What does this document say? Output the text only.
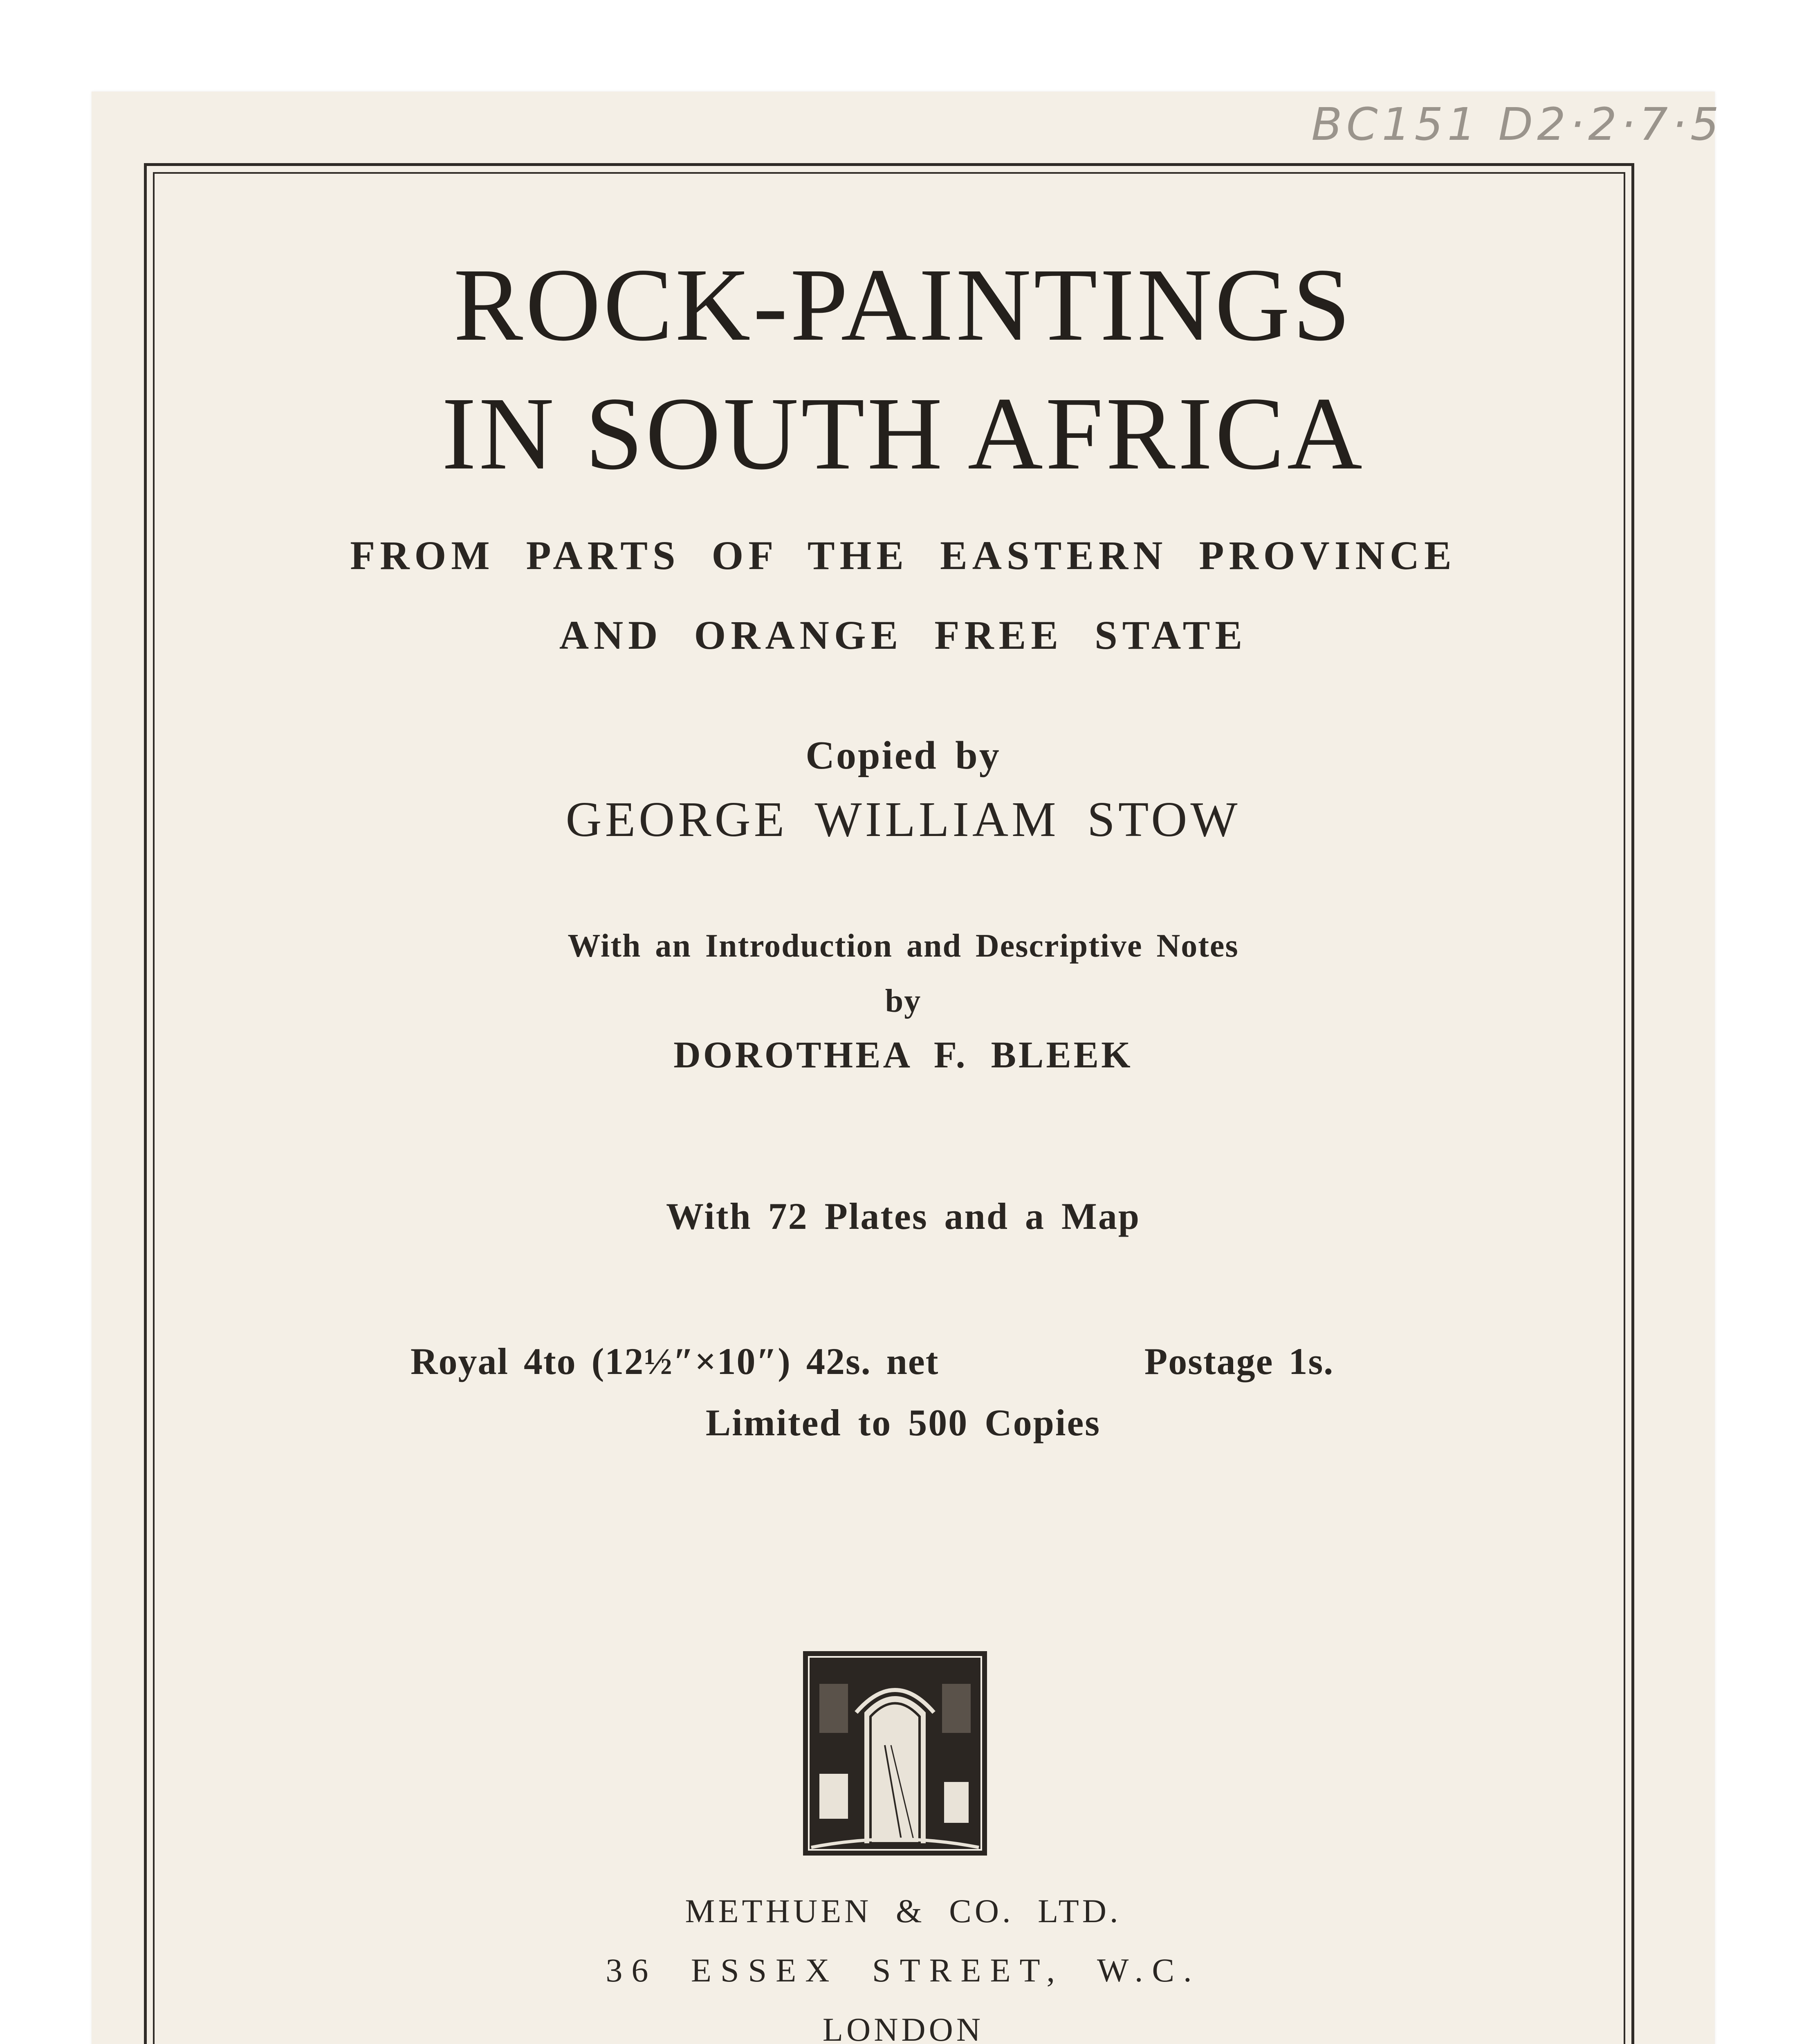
BC151 D2·2·7·5
ROCK-PAINTINGS
IN SOUTH AFRICA
FROM PARTS OF THE EASTERN PROVINCE
AND ORANGE FREE STATE
Copied by
GEORGE WILLIAM STOW
With an Introduction and Descriptive Notes
by
DOROTHEA F. BLEEK
With 72 Plates and a Map
Royal 4to (12½″×10″) 42s. net	Postage 1s.
Limited to 500 Copies
METHUEN & CO. LTD.
36 ESSEX STREET, W.C.
LONDON
